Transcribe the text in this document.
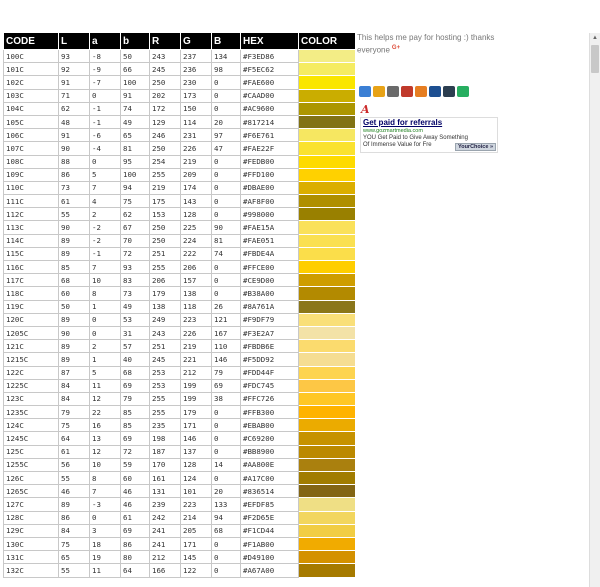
CODE	L	a	b	R	G	B	HEX	COLOR
100C	93	-8	50	243	237	134	#F3ED86	
101C	92	-9	66	245	236	98	#F5EC62	
102C	91	-7	100	250	230	0	#FAE600	
103C	71	0	91	202	173	0	#CAAD00	
104C	62	-1	74	172	150	0	#AC9600	
105C	48	-1	49	129	114	20	#817214	
106C	91	-6	65	246	231	97	#F6E761	
107C	90	-4	81	250	226	47	#FAE22F	
108C	88	0	95	254	219	0	#FEDB00	
109C	86	5	100	255	209	0	#FFD100	
110C	73	7	94	219	174	0	#DBAE00	
111C	61	4	75	175	143	0	#AF8F00	
112C	55	2	62	153	128	0	#998000	
113C	90	-2	67	250	225	90	#FAE15A	
114C	89	-2	70	250	224	81	#FAE051	
115C	89	-1	72	251	222	74	#FBDE4A	
116C	85	7	93	255	206	0	#FFCE00	
117C	68	10	83	206	157	0	#CE9D00	
118C	60	8	73	179	138	0	#B38A00	
119C	50	1	49	138	118	26	#8A761A	
120C	89	0	53	249	223	121	#F9DF79	
1205C	90	0	31	243	226	167	#F3E2A7	
121C	89	2	57	251	219	110	#FBDB6E	
1215C	89	1	40	245	221	146	#F5DD92	
122C	87	5	68	253	212	79	#FDD44F	
1225C	84	11	69	253	199	69	#FDC745	
123C	84	12	79	255	199	38	#FFC726	
1235C	79	22	85	255	179	0	#FFB300	
124C	75	16	85	235	171	0	#EBAB00	
1245C	64	13	69	198	146	0	#C69200	
125C	61	12	72	187	137	0	#BB8900	
1255C	56	10	59	170	128	14	#AA800E	
126C	55	8	60	161	124	0	#A17C00	
1265C	46	7	46	131	101	20	#836514	
127C	89	-3	46	239	223	133	#EFDF85	
128C	86	0	61	242	214	94	#F2D65E	
129C	84	3	69	241	205	68	#F1CD44	
130C	75	18	86	241	171	0	#F1AB00	
131C	65	19	80	212	145	0	#D49100	
132C	55	11	64	166	122	0	#A67A00	
This helps me pay for hosting :) thanks everyone $^{G+}$
A
Get paid for referrals
www.gozmartmedia.com
YOU Get Paid to Give Away Something Of Immense Value for Fre	YourChoice »
▲
